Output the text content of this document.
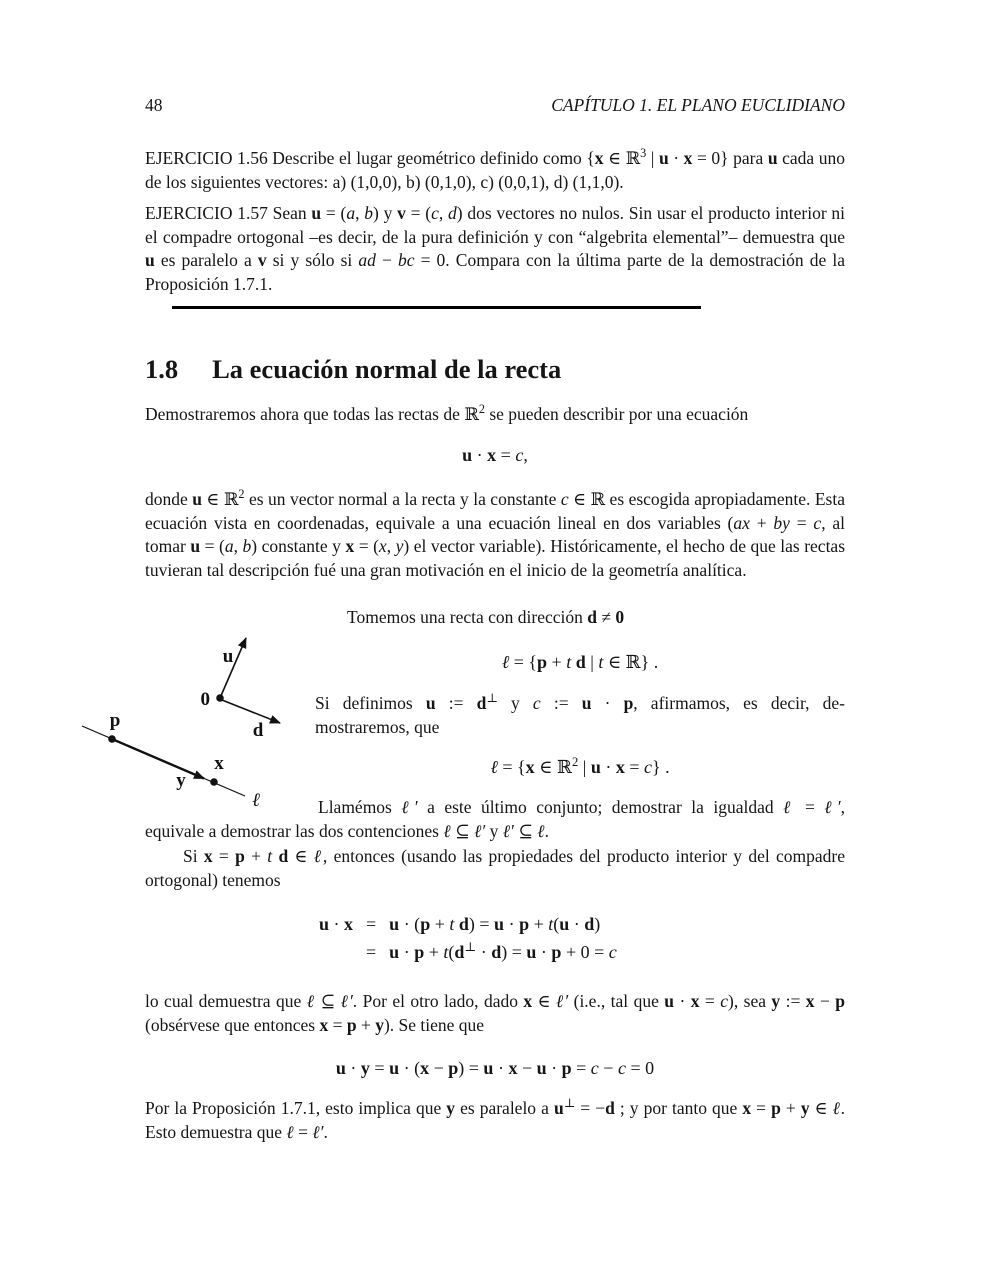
48	CAPÍTULO 1. EL PLANO EUCLIDIANO
EJERCICIO 1.56 Describe el lugar geométrico definido como {x ∈ ℝ$^3$ | u · x = 0} para u cada uno de los siguientes vectores: a) (1,0,0), b) (0,1,0), c) (0,0,1), d) (1,1,0).
EJERCICIO 1.57 Sean u = (a, b) y v = (c, d) dos vectores no nulos. Sin usar el producto interior ni el compadre ortogonal –es decir, de la pura definición y con “algebrita elemental”– demuestra que u es paralelo a v si y sólo si ad − bc = 0. Compara con la última parte de la demostración de la Proposición 1.7.1.
1.8 La ecuación normal de la recta
Demostraremos ahora que todas las rectas de ℝ$^2$ se pueden describir por una ecuación
u · x = c,
donde u ∈ ℝ$^2$ es un vector normal a la recta y la constante c ∈ ℝ es escogida apropiadamente. Esta ecuación vista en coordenadas, equivale a una ecuación lineal en dos variables (ax + by = c, al tomar u = (a, b) constante y x = (x, y) el vector variable). Históricamente, el hecho de que las rectas tuvieran tal descripción fué una gran motivación en el inicio de la geometría analítica.
Tomemos una recta con dirección d ≠ 0
u
0
d
p
x
y
ℓ
ℓ = {p + t d | t ∈ ℝ} .
Si definimos u := d⊥ y c := u · p, afirmamos, es decir, de-
mostraremos, que
ℓ = {x ∈ ℝ$^2$ | u · x = c} .
Llamémos ℓ′ a este último conjunto; demostrar la igualdad ℓ = ℓ′,
equivale a demostrar las dos contenciones ℓ ⊆ ℓ′ y ℓ′ ⊆ ℓ.
Si x = p + t d ∈ ℓ, entonces (usando las propiedades del producto interior y del compadre ortogonal) tenemos
u · x = u · (p + t d) = u · p + t(u · d)
= u · p + t(d⊥ · d) = u · p + 0 = c
lo cual demuestra que ℓ ⊆ ℓ′. Por el otro lado, dado x ∈ ℓ′ (i.e., tal que u · x = c), sea y := x − p (obsérvese que entonces x = p + y). Se tiene que
u · y = u · (x − p) = u · x − u · p = c − c = 0
Por la Proposición 1.7.1, esto implica que y es paralelo a u⊥ = −d ; y por tanto que x = p + y ∈ ℓ. Esto demuestra que ℓ = ℓ′.
